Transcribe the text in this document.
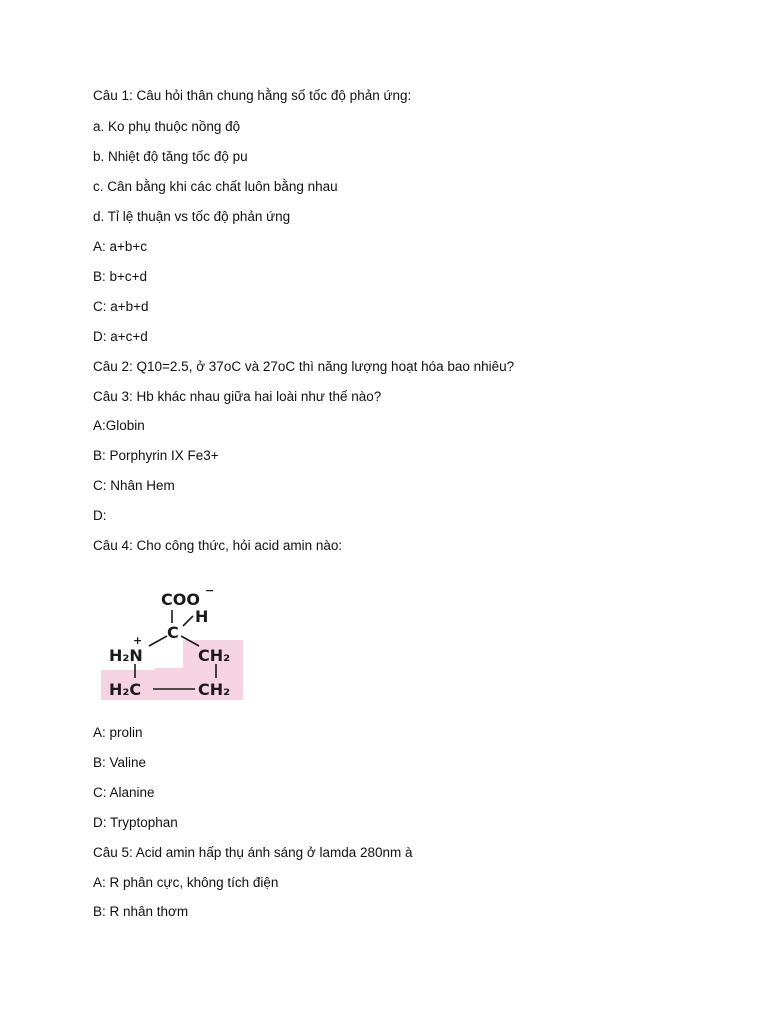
Câu 1: Câu hỏi thân chung hằng số tốc độ phản ứng:
a. Ko phụ thuộc nồng độ
b. Nhiệt độ tăng tốc độ pu
c. Cân bằng khi các chất luôn bằng nhau
d. Tỉ lệ thuận vs tốc độ phản ứng
A: a+b+c
B: b+c+d
C: a+b+d
D: a+c+d
Câu 2: Q10=2.5, ở 37oC và 27oC thì năng lượng hoạt hóa bao nhiêu?
Câu 3: Hb khác nhau giữa hai loài như thế nào?
A:Globin
B: Porphyrin IX Fe3+
C: Nhân Hem
D:
Câu 4: Cho công thức, hỏi acid amin nào:
COO −
H
C
+
H₂N	CH₂
H₂C	CH₂
A: prolin
B: Valine
C: Alanine
D: Tryptophan
Câu 5: Acid amin hấp thụ ánh sáng ở lamda 280nm à
A: R phân cực, không tích điện
B: R nhân thơm
